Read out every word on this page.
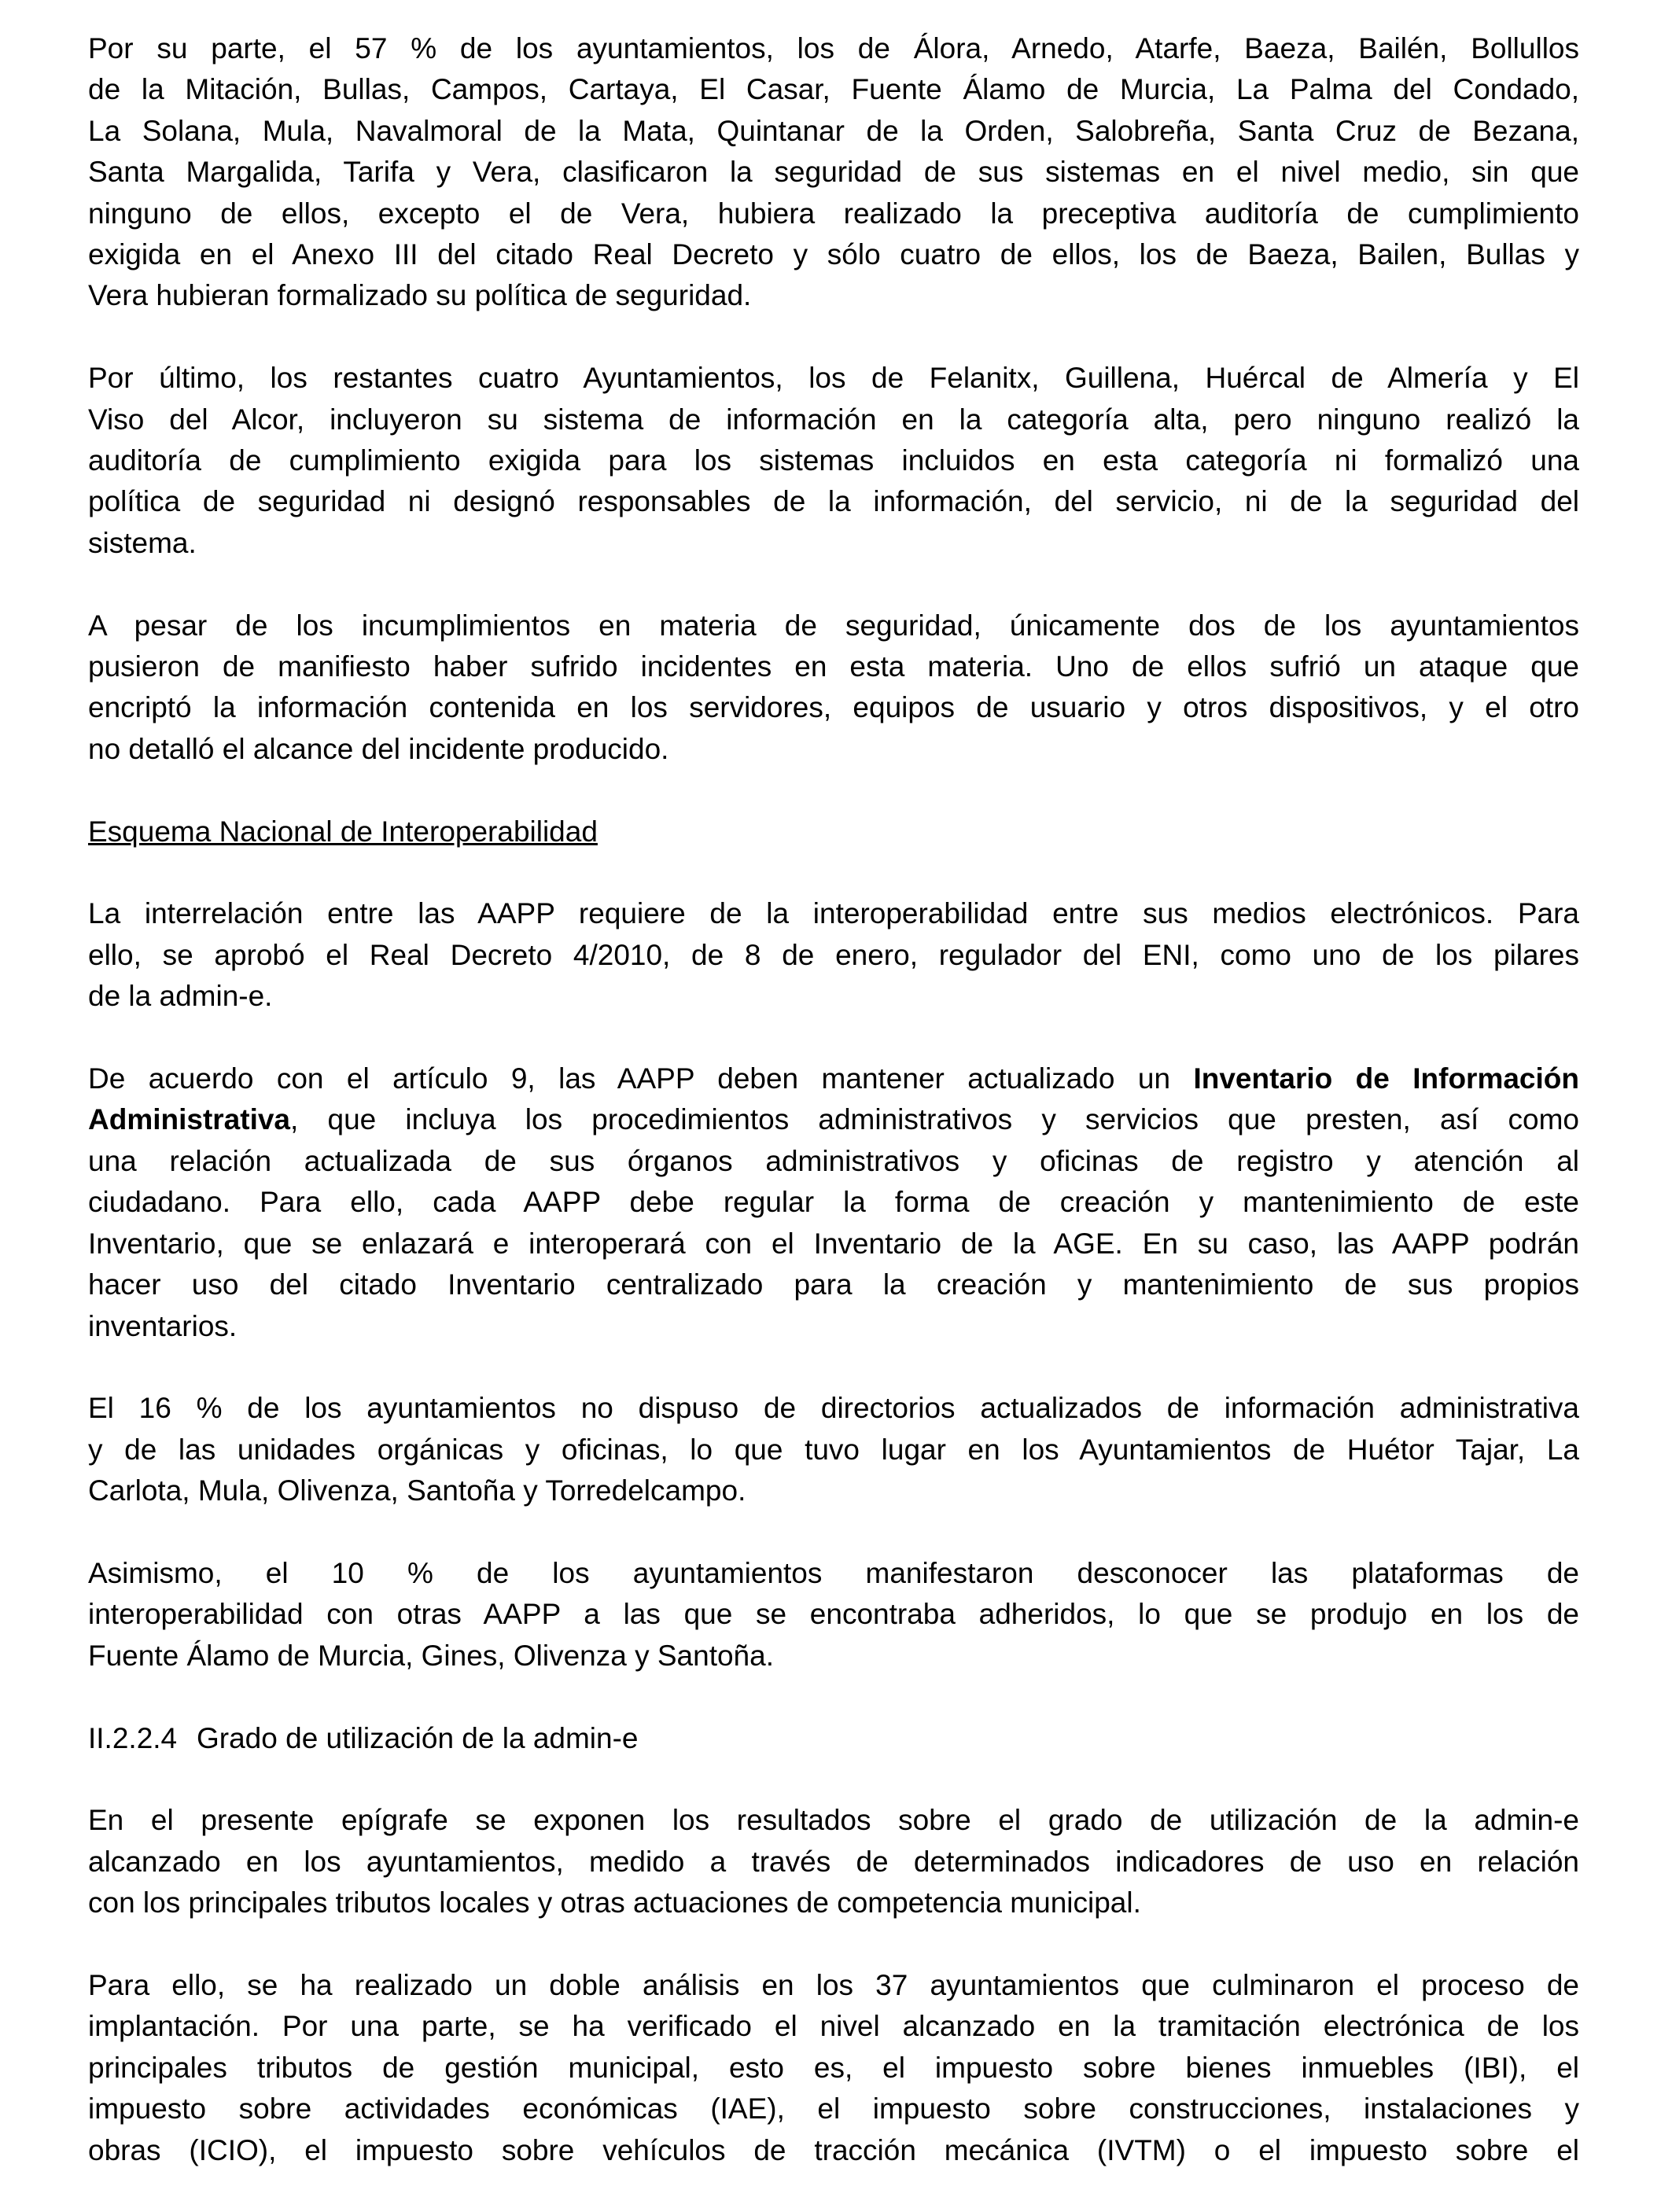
Por su parte, el 57 % de los ayuntamientos, los de Álora, Arnedo, Atarfe, Baeza, Bailén, Bollullos
de la Mitación, Bullas, Campos, Cartaya, El Casar, Fuente Álamo de Murcia, La Palma del Condado,
La Solana, Mula, Navalmoral de la Mata, Quintanar de la Orden, Salobreña, Santa Cruz de Bezana,
Santa Margalida, Tarifa y Vera, clasificaron la seguridad de sus sistemas en el nivel medio, sin que
ninguno de ellos, excepto el de Vera, hubiera realizado la preceptiva auditoría de cumplimiento
exigida en el Anexo III del citado Real Decreto y sólo cuatro de ellos, los de Baeza, Bailen, Bullas y
Vera hubieran formalizado su política de seguridad.
Por último, los restantes cuatro Ayuntamientos, los de Felanitx, Guillena, Huércal de Almería y El
Viso del Alcor, incluyeron su sistema de información en la categoría alta, pero ninguno realizó la
auditoría de cumplimiento exigida para los sistemas incluidos en esta categoría ni formalizó una
política de seguridad ni designó responsables de la información, del servicio, ni de la seguridad del
sistema.
A pesar de los incumplimientos en materia de seguridad, únicamente dos de los ayuntamientos
pusieron de manifiesto haber sufrido incidentes en esta materia. Uno de ellos sufrió un ataque que
encriptó la información contenida en los servidores, equipos de usuario y otros dispositivos, y el otro
no detalló el alcance del incidente producido.
Esquema Nacional de Interoperabilidad
La interrelación entre las AAPP requiere de la interoperabilidad entre sus medios electrónicos. Para
ello, se aprobó el Real Decreto 4/2010, de 8 de enero, regulador del ENI, como uno de los pilares
de la admin-e.
De acuerdo con el artículo 9, las AAPP deben mantener actualizado un Inventario de Información
Administrativa, que incluya los procedimientos administrativos y servicios que presten, así como
una relación actualizada de sus órganos administrativos y oficinas de registro y atención al
ciudadano. Para ello, cada AAPP debe regular la forma de creación y mantenimiento de este
Inventario, que se enlazará e interoperará con el Inventario de la AGE. En su caso, las AAPP podrán
hacer uso del citado Inventario centralizado para la creación y mantenimiento de sus propios
inventarios.
El 16 % de los ayuntamientos no dispuso de directorios actualizados de información administrativa
y de las unidades orgánicas y oficinas, lo que tuvo lugar en los Ayuntamientos de Huétor Tajar, La
Carlota, Mula, Olivenza, Santoña y Torredelcampo.
Asimismo, el 10 % de los ayuntamientos manifestaron desconocer las plataformas de
interoperabilidad con otras AAPP a las que se encontraba adheridos, lo que se produjo en los de
Fuente Álamo de Murcia, Gines, Olivenza y Santoña.
II.2.2.4 Grado de utilización de la admin-e
En el presente epígrafe se exponen los resultados sobre el grado de utilización de la admin-e
alcanzado en los ayuntamientos, medido a través de determinados indicadores de uso en relación
con los principales tributos locales y otras actuaciones de competencia municipal.
Para ello, se ha realizado un doble análisis en los 37 ayuntamientos que culminaron el proceso de
implantación. Por una parte, se ha verificado el nivel alcanzado en la tramitación electrónica de los
principales tributos de gestión municipal, esto es, el impuesto sobre bienes inmuebles (IBI), el
impuesto sobre actividades económicas (IAE), el impuesto sobre construcciones, instalaciones y
obras (ICIO), el impuesto sobre vehículos de tracción mecánica (IVTM) o el impuesto sobre el
